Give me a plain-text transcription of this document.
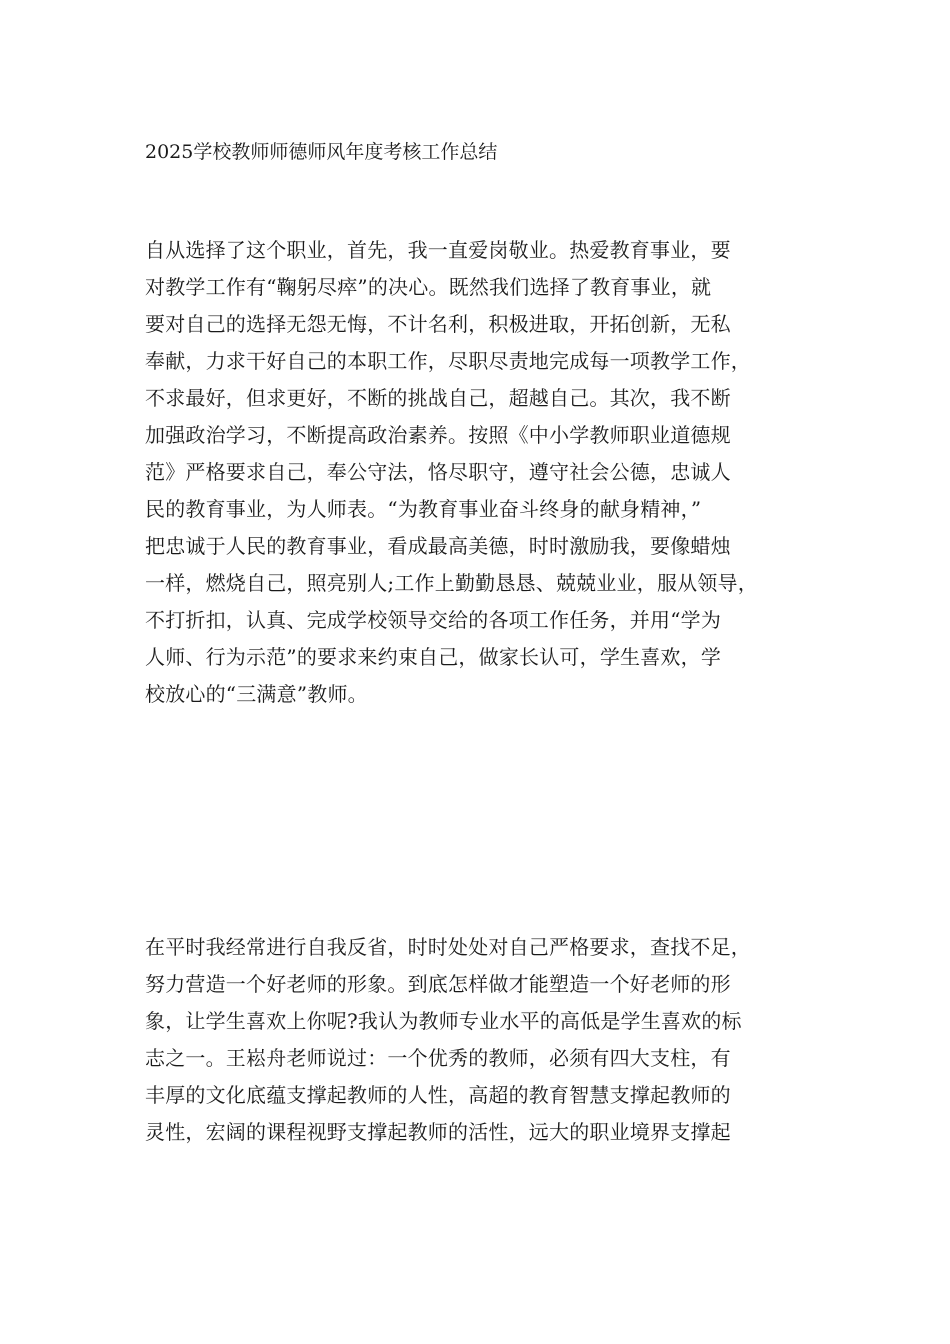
2025学校教师师德师风年度考核工作总结
自从选择了这个职业，首先，我一直爱岗敬业。热爱教育事业，要
对教学工作有“鞠躬尽瘁”的决心。既然我们选择了教育事业，就
要对自己的选择无怨无悔，不计名利，积极进取，开拓创新，无私
奉献，力求干好自己的本职工作，尽职尽责地完成每一项教学工作，
不求最好，但求更好，不断的挑战自己，超越自己。其次，我不断
加强政治学习，不断提高政治素养。按照《中小学教师职业道德规
范》严格要求自己，奉公守法，恪尽职守，遵守社会公德，忠诚人
民的教育事业，为人师表。“为教育事业奋斗终身的献身精神，”
把忠诚于人民的教育事业，看成最高美德，时时激励我，要像蜡烛
一样，燃烧自己，照亮别人;工作上勤勤恳恳、兢兢业业，服从领导，
不打折扣，认真、完成学校领导交给的各项工作任务，并用“学为
人师、行为示范”的要求来约束自己，做家长认可，学生喜欢，学
校放心的“三满意”教师。
在平时我经常进行自我反省，时时处处对自己严格要求，查找不足，
努力营造一个好老师的形象。到底怎样做才能塑造一个好老师的形
象，让学生喜欢上你呢?我认为教师专业水平的高低是学生喜欢的标
志之一。王崧舟老师说过：一个优秀的教师，必须有四大支柱，有
丰厚的文化底蕴支撑起教师的人性，高超的教育智慧支撑起教师的
灵性，宏阔的课程视野支撑起教师的活性，远大的职业境界支撑起
